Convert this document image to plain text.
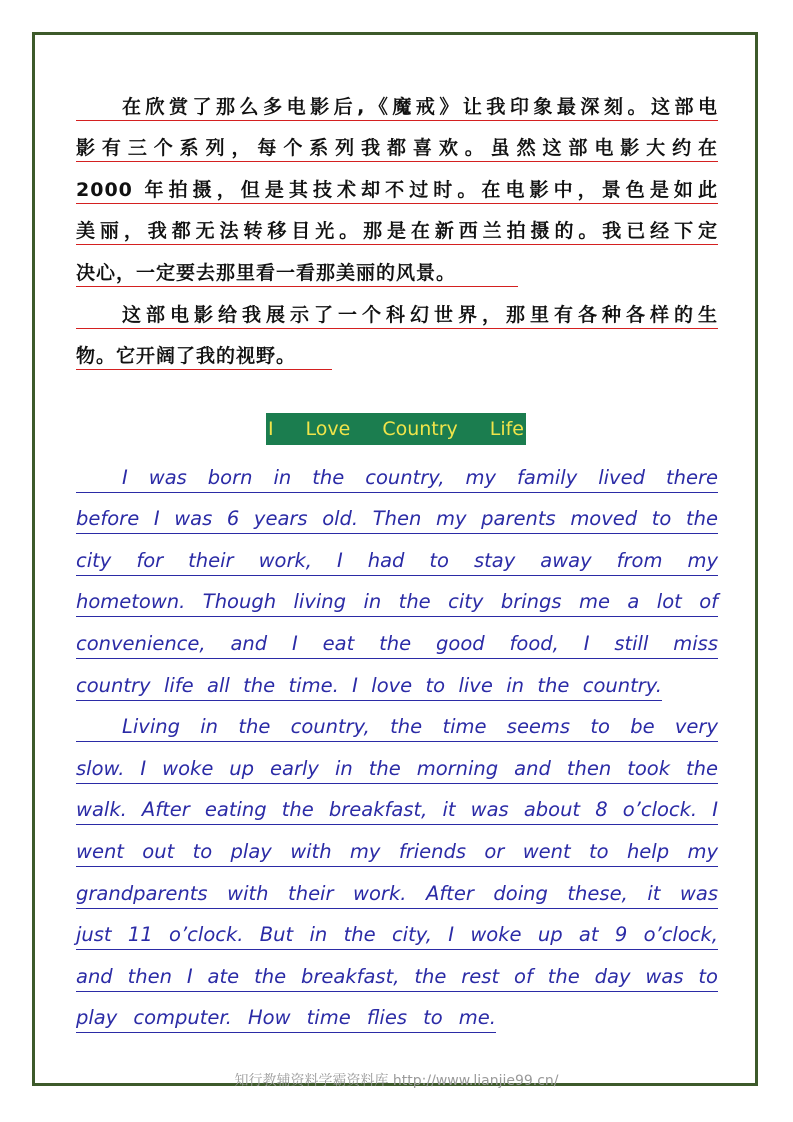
在欣赏了那么多电影后,《魔戒》让我印象最深刻。这部电
影有三个系列，每个系列我都喜欢。虽然这部电影大约在
2000 年拍摄，但是其技术却不过时。在电影中，景色是如此
美丽，我都无法转移目光。那是在新西兰拍摄的。我已经下定
决心，一定要去那里看一看那美丽的风景。
这部电影给我展示了一个科幻世界，那里有各种各样的生
物。它开阔了我的视野。
I Love Country Life
I was born in the country, my family lived there
before I was 6 years old. Then my parents moved to the
city for their work, I had to stay away from my
hometown. Though living in the city brings me a lot of
convenience, and I eat the good food, I still miss
country life all the time. I love to live in the country.
Living in the country, the time seems to be very
slow. I woke up early in the morning and then took the
walk. After eating the breakfast, it was about 8 o’clock. I
went out to play with my friends or went to help my
grandparents with their work. After doing these, it was
just 11 o’clock. But in the city, I woke up at 9 o’clock,
and then I ate the breakfast, the rest of the day was to
play computer. How time flies to me.
知行教辅资料学霸资料库 http://www.lianjie99.cn/
